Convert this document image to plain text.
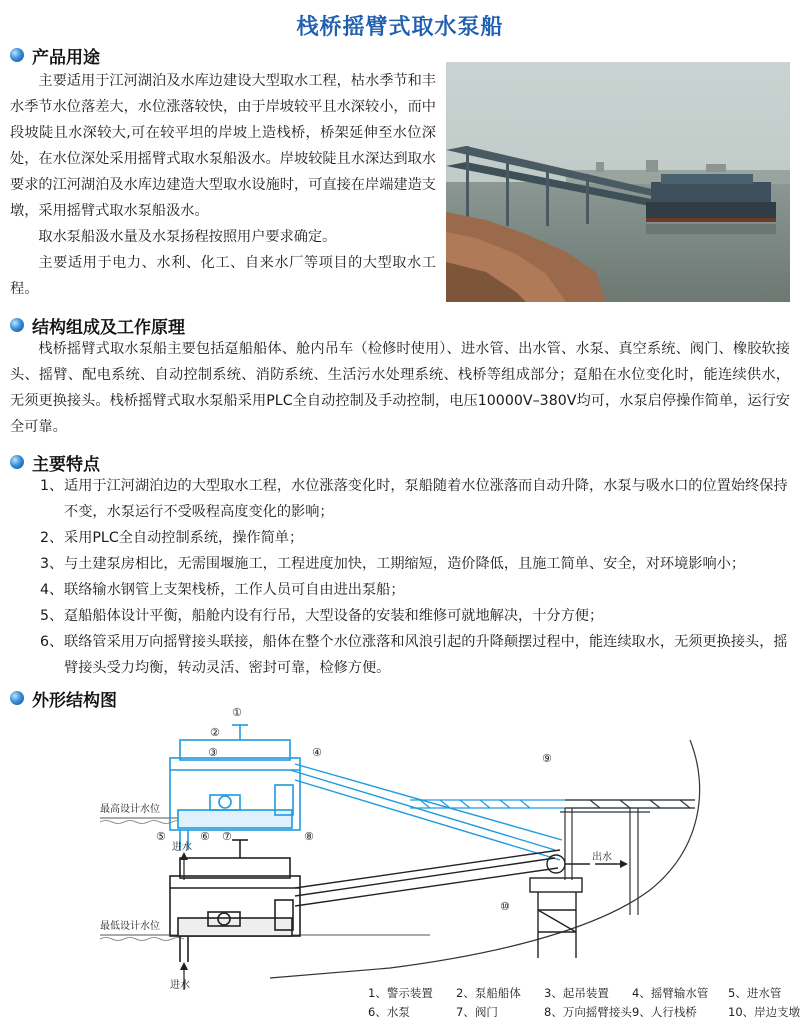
栈桥摇臂式取水泵船
产品用途

主要适用于江河湖泊及水库边建设大型取水工程，枯水季节和丰水季节水位落差大，水位涨落较快，由于岸坡较平且水深较小，而中段坡陡且水深较大,可在较平坦的岸坡上造栈桥，桥架延伸至水位深处，在水位深处采用摇臂式取水泵船汲水。岸坡较陡且水深达到取水要求的江河湖泊及水库边建造大型取水设施时，可直接在岸端建造支墩，采用摇臂式取水泵船汲水。

取水泵船汲水量及水泵扬程按照用户要求确定。

主要适用于电力、水利、化工、自来水厂等项目的大型取水工程。

结构组成及工作原理

栈桥摇臂式取水泵船主要包括趸船船体、舱内吊车（检修时使用）、进水管、出水管、水泵、真空系统、阀门、橡胶软接头、摇臂、配电系统、自动控制系统、消防系统、生活污水处理系统、栈桥等组成部分；趸船在水位变化时，能连续供水，无须更换接头。栈桥摇臂式取水泵船采用PLC全自动控制及手动控制，电压10000V–380V均可，水泵启停操作简单，运行安全可靠。

主要特点
1、 适用于江河湖泊边的大型取水工程，水位涨落变化时，泵船随着水位涨落而自动升降，水泵与吸水口的位置始终保持不变，水泵运行不受吸程高度变化的影响；
2、 采用PLC全自动控制系统，操作简单；
3、 与土建泵房相比，无需围堰施工，工程进度加快，工期缩短，造价降低，且施工简单、安全，对环境影响小；
4、 联络输水钢管上支架栈桥，工作人员可自由进出泵船；
5、 趸船船体设计平衡，船舱内设有行吊，大型设备的安装和维修可就地解决，十分方便；
6、 联络管采用万向摇臂接头联接，船体在整个水位涨落和风浪引起的升降颠摆过程中，能连续取水，无须更换接头，摇臂接头受力均衡，转动灵活、密封可靠，检修方便。
外形结构图
最高设计水位
最低设计水位
进水
进水
出水
①
②
③	④
⑤	⑥ ⑦	⑧
⑨
⑩
1、警示装置	2、泵船船体	3、起吊装置	4、摇臂输水管	5、进水管
6、水泵	7、阀门	8、万向摇臂接头 9、人行栈桥	10、岸边支墩
